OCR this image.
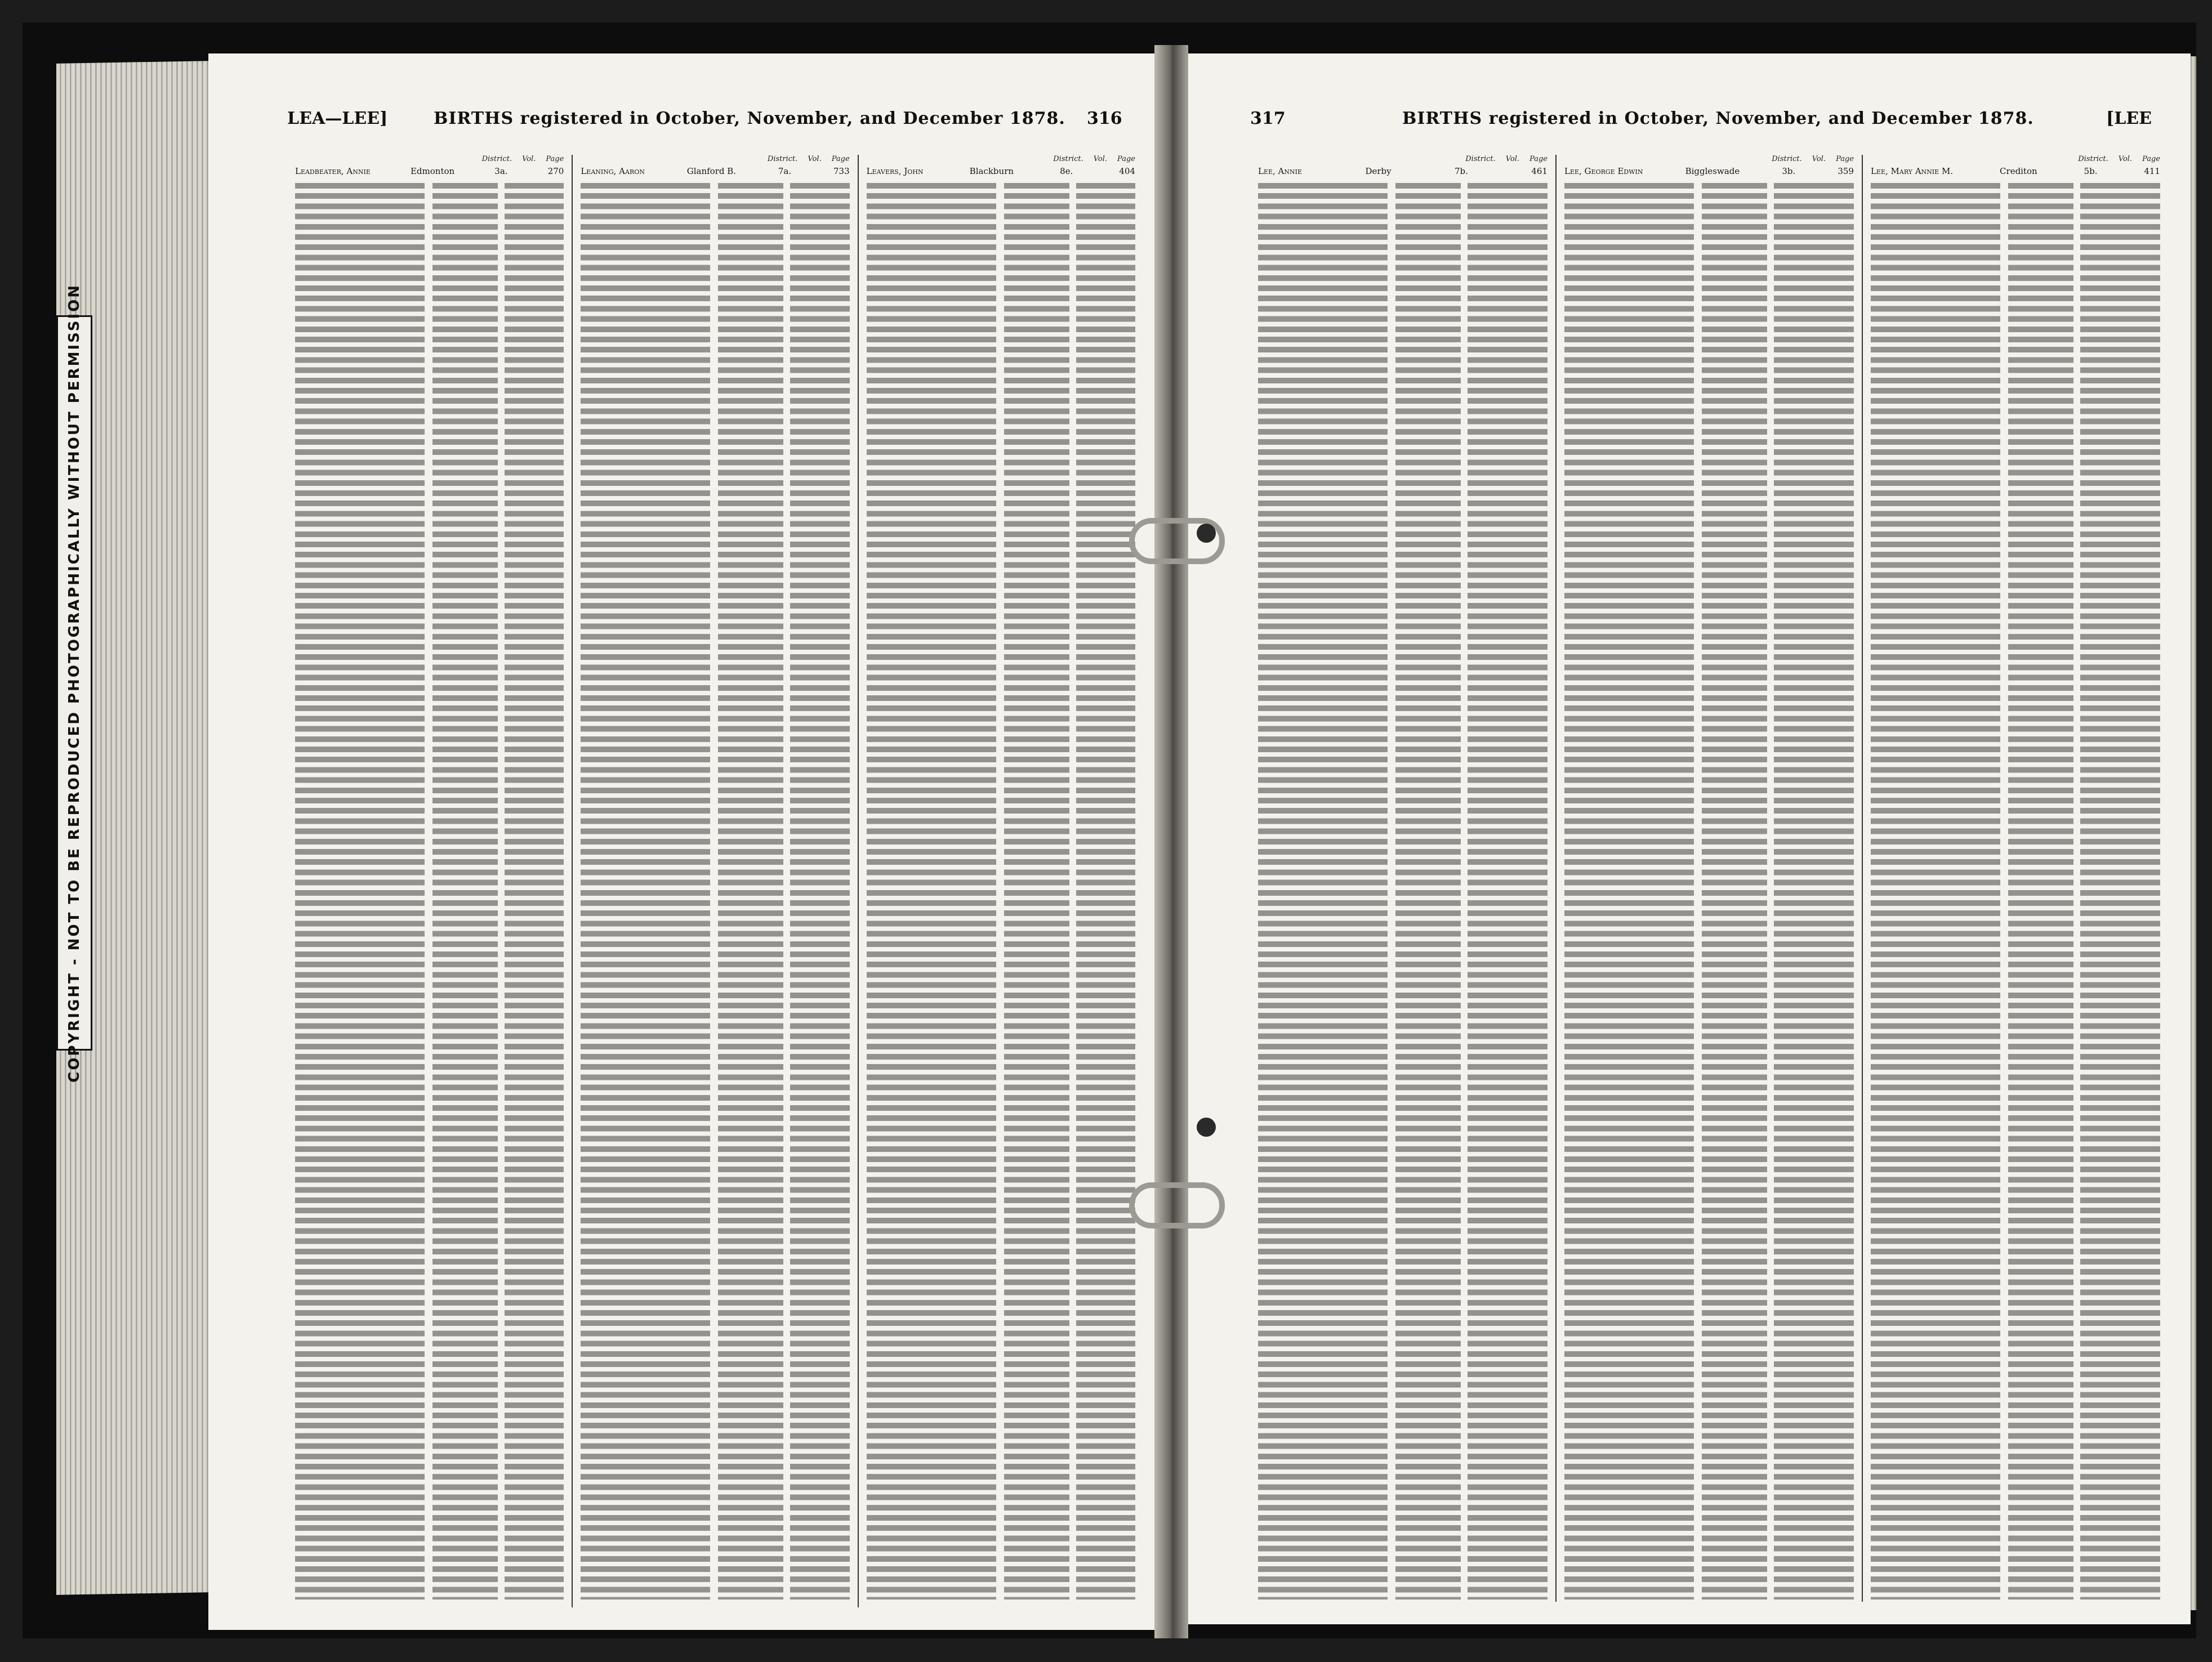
LEA—LEE]	BIRTHS registered in October, November, and December 1878. 316
District. Vol. Page
Leadbeater, Annie	Edmonton	3a.	270
District. Vol. Page
Leaning, Aaron	Glanford B.	7a.	733
District. Vol. Page
Leavers, John	Blackburn	8e.	404
317	BIRTHS registered in October, November, and December 1878.	[LEE
District. Vol. Page
Lee, Annie	Derby	7b.	461
District. Vol. Page
Lee, George Edwin	Biggleswade	3b.	359
District. Vol. Page
Lee, Mary Annie M.	Crediton	5b.	411
COPYRIGHT - NOT TO BE REPRODUCED PHOTOGRAPHICALLY WITHOUT PERMISSION
